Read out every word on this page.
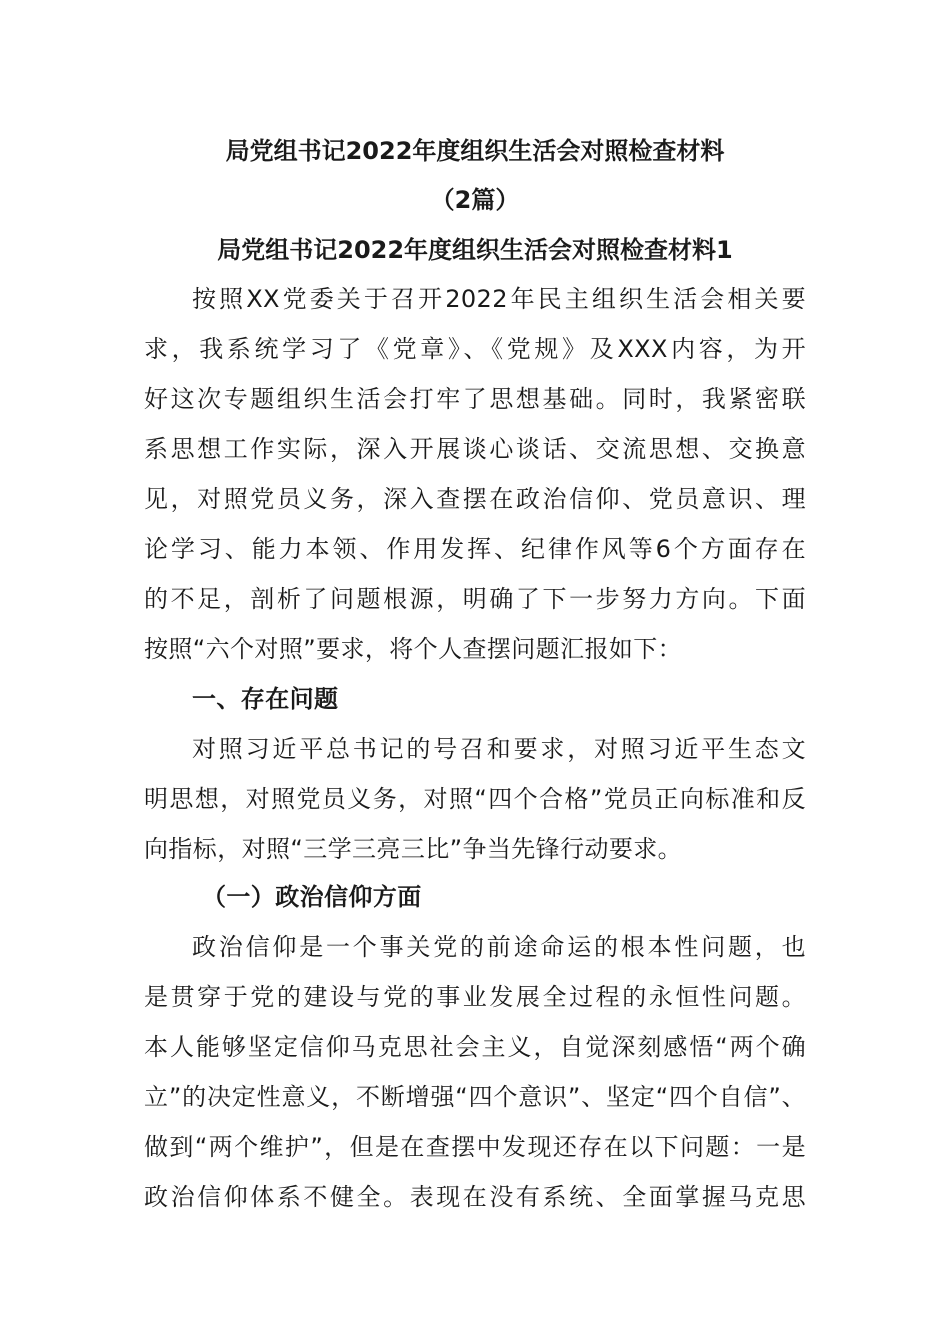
局党组书记2022年度组织生活会对照检查材料
（2篇）
局党组书记2022年度组织生活会对照检查材料1
按照XX党委关于召开2022年民主组织生活会相关要
求，我系统学习了《党章》、《党规》及XXX内容，为开
好这次专题组织生活会打牢了思想基础。同时，我紧密联
系思想工作实际，深入开展谈心谈话、交流思想、交换意
见，对照党员义务，深入查摆在政治信仰、党员意识、理
论学习、能力本领、作用发挥、纪律作风等6个方面存在
的不足，剖析了问题根源，明确了下一步努力方向。下面
按照“六个对照”要求，将个人查摆问题汇报如下：
一、存在问题
对照习近平总书记的号召和要求，对照习近平生态文
明思想，对照党员义务，对照“四个合格”党员正向标准和反
向指标，对照“三学三亮三比”争当先锋行动要求。
（一）政治信仰方面
政治信仰是一个事关党的前途命运的根本性问题，也
是贯穿于党的建设与党的事业发展全过程的永恒性问题。
本人能够坚定信仰马克思社会主义，自觉深刻感悟“两个确
立”的决定性意义，不断增强“四个意识”、坚定“四个自信”、
做到“两个维护”，但是在查摆中发现还存在以下问题：一是
政治信仰体系不健全。表现在没有系统、全面掌握马克思
